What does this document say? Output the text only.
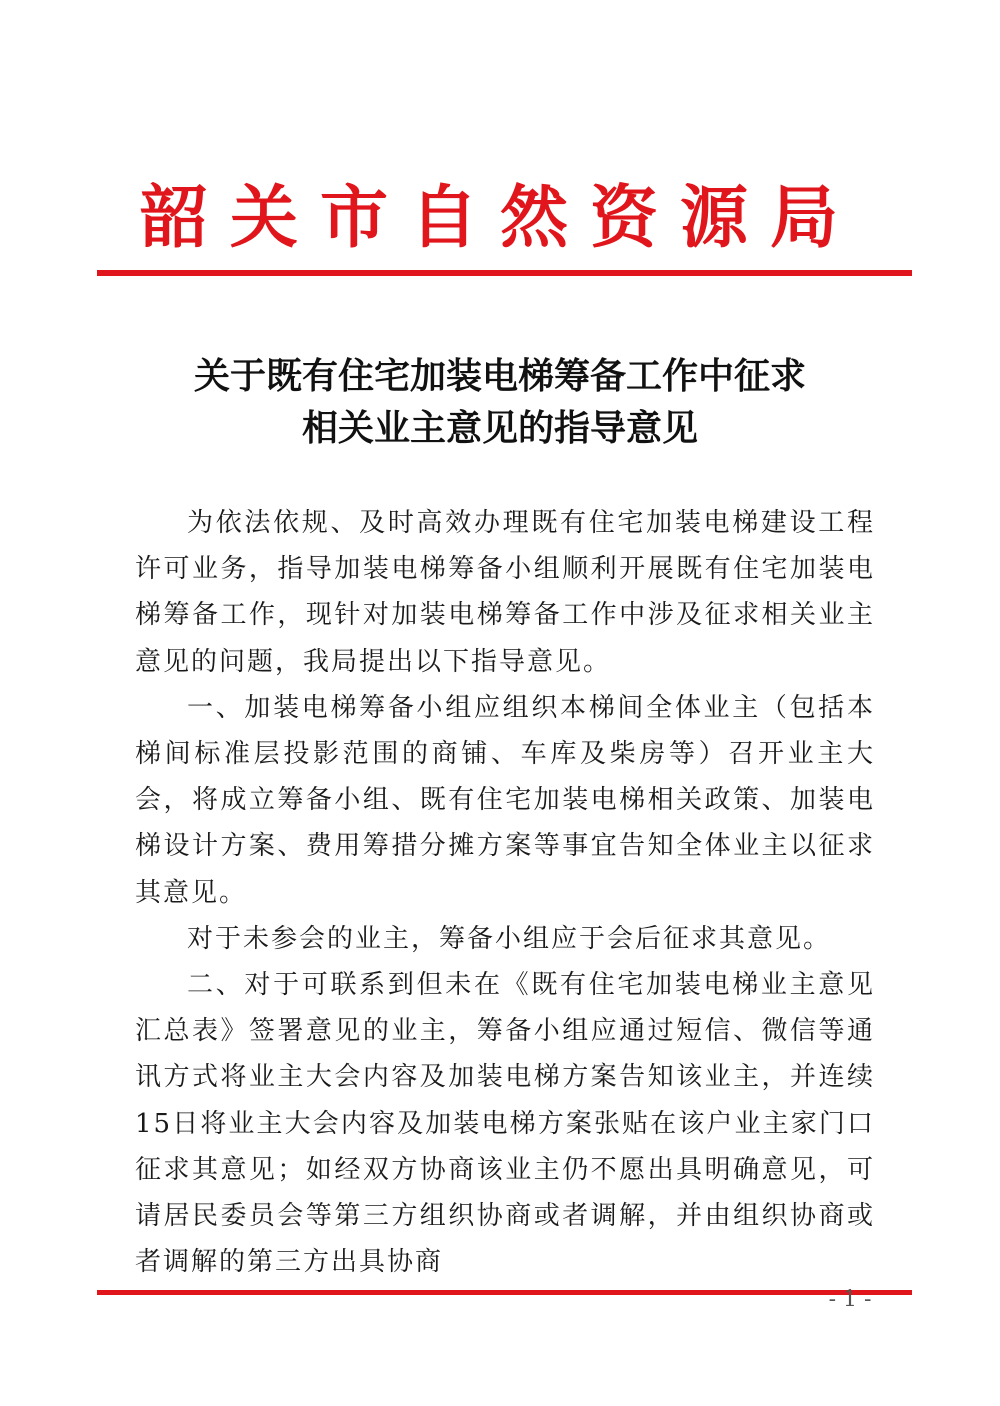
韶关市自然资源局
关于既有住宅加装电梯筹备工作中征求
相关业主意见的指导意见

为依法依规、及时高效办理既有住宅加装电梯建设工程许可业务，指导加装电梯筹备小组顺利开展既有住宅加装电梯筹备工作，现针对加装电梯筹备工作中涉及征求相关业主意见的问题，我局提出以下指导意见。

一、加装电梯筹备小组应组织本梯间全体业主（包括本梯间标准层投影范围的商铺、车库及柴房等）召开业主大会，将成立筹备小组、既有住宅加装电梯相关政策、加装电梯设计方案、费用筹措分摊方案等事宜告知全体业主以征求其意见。

对于未参会的业主，筹备小组应于会后征求其意见。

二、对于可联系到但未在《既有住宅加装电梯业主意见汇总表》签署意见的业主，筹备小组应通过短信、微信等通讯方式将业主大会内容及加装电梯方案告知该业主，并连续15日将业主大会内容及加装电梯方案张贴在该户业主家门口征求其意见；如经双方协商该业主仍不愿出具明确意见，可请居民委员会等第三方组织协商或者调解，并由组织协商或者调解的第三方出具协商

- 1 -
